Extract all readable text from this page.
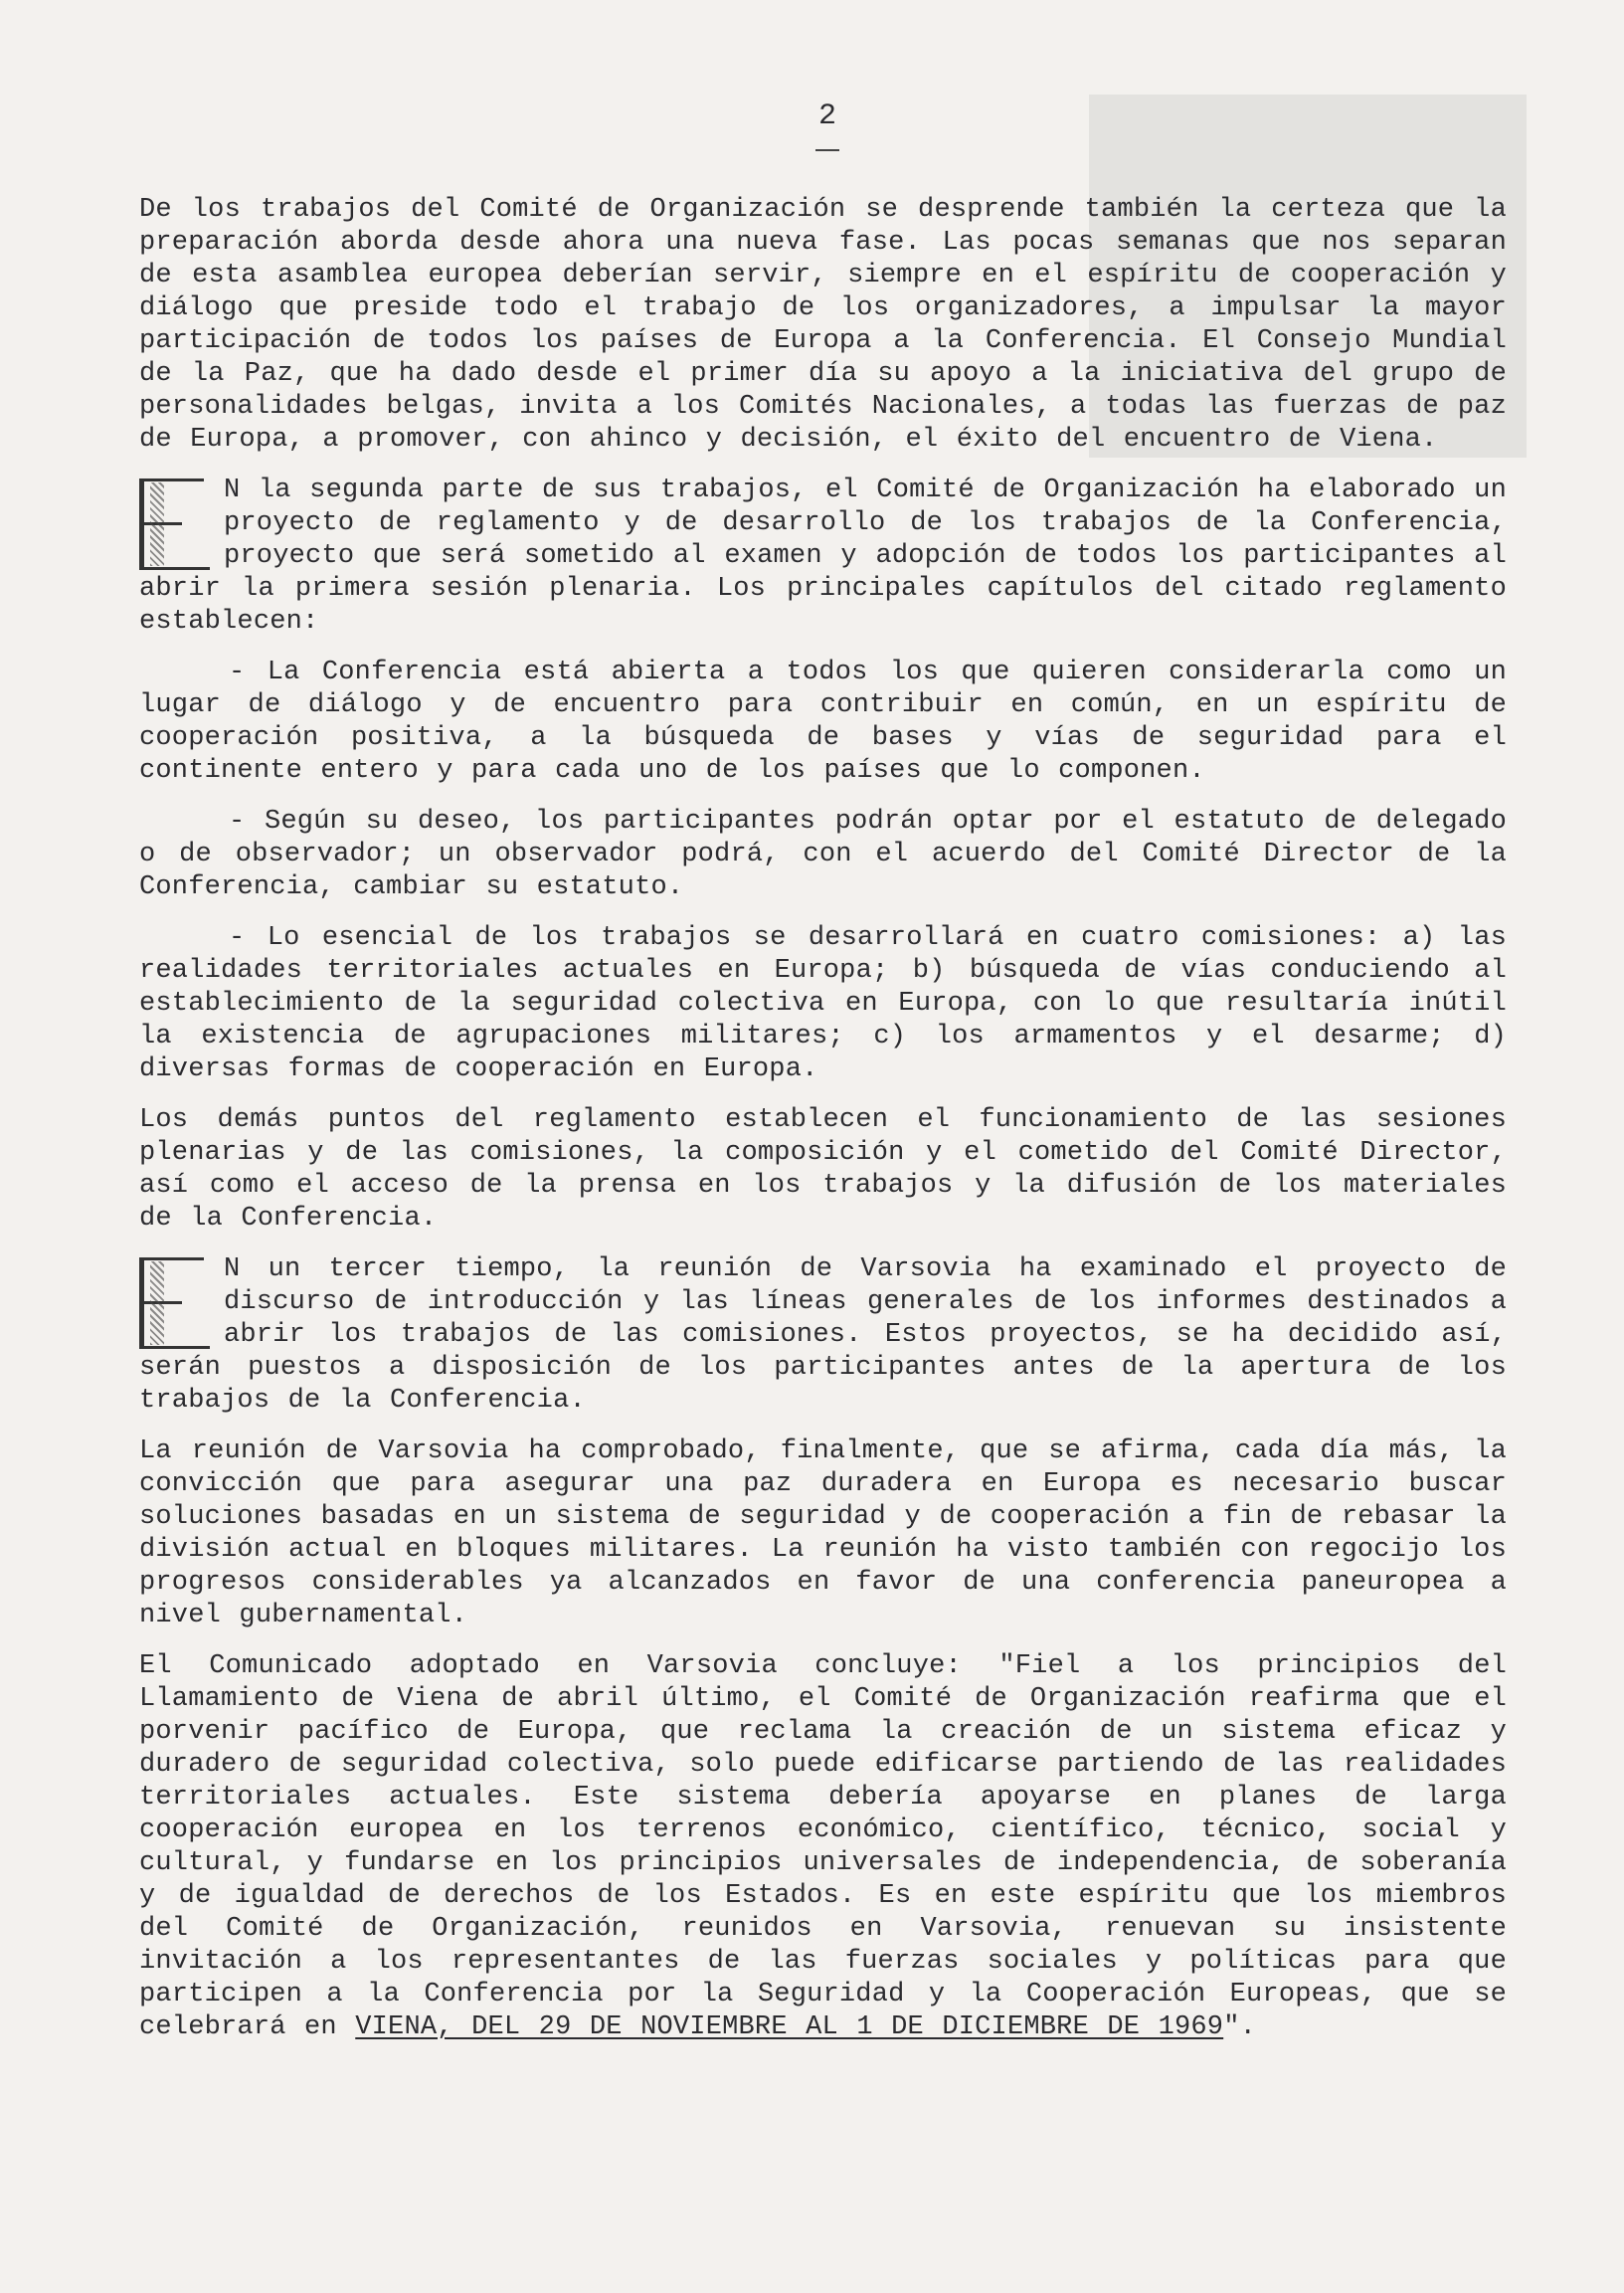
2

De los trabajos del Comité de Organización se desprende también la certeza que la preparación aborda desde ahora una nueva fase. Las pocas semanas que nos separan de esta asamblea europea deberían servir, siempre en el espíritu de cooperación y diálogo que preside todo el trabajo de los organizadores, a impulsar la mayor participación de todos los países de Europa a la Conferencia. El Consejo Mundial de la Paz, que ha dado desde el primer día su apoyo a la iniciativa del grupo de personalidades belgas, invita a los Comités Nacionales, a todas las fuerzas de paz de Europa, a promover, con ahinco y decisión, el éxito del encuentro de Viena.

N la segunda parte de sus trabajos, el Comité de Organización ha elaborado un proyecto de reglamento y de desarrollo de los trabajos de la Conferencia, proyecto que será sometido al examen y adopción de todos los participantes al abrir la primera sesión plenaria. Los principales capítulos del citado reglamento establecen:

- La Conferencia está abierta a todos los que quieren considerarla como un lugar de diálogo y de encuentro para contribuir en común, en un espíritu de cooperación positiva, a la búsqueda de bases y vías de seguridad para el continente entero y para cada uno de los países que lo componen.

- Según su deseo, los participantes podrán optar por el estatuto de delegado o de observador; un observador podrá, con el acuerdo del Comité Director de la Conferencia, cambiar su estatuto.

- Lo esencial de los trabajos se desarrollará en cuatro comisiones: a) las realidades territoriales actuales en Europa; b) búsqueda de vías conduciendo al establecimiento de la seguridad colectiva en Europa, con lo que resultaría inútil la existencia de agrupaciones militares; c) los armamentos y el desarme; d) diversas formas de cooperación en Europa.

Los demás puntos del reglamento establecen el funcionamiento de las sesiones plenarias y de las comisiones, la composición y el cometido del Comité Director, así como el acceso de la prensa en los trabajos y la difusión de los materiales de la Conferencia.

N un tercer tiempo, la reunión de Varsovia ha examinado el proyecto de discurso de introducción y las líneas generales de los informes destinados a abrir los trabajos de las comisiones. Estos proyectos, se ha decidido así, serán puestos a disposición de los participantes antes de la apertura de los trabajos de la Conferencia.

La reunión de Varsovia ha comprobado, finalmente, que se afirma, cada día más, la convicción que para asegurar una paz duradera en Europa es necesario buscar soluciones basadas en un sistema de seguridad y de cooperación a fin de rebasar la división actual en bloques militares. La reunión ha visto también con regocijo los progresos considerables ya alcanzados en favor de una conferencia paneuropea a nivel gubernamental.

El Comunicado adoptado en Varsovia concluye: "Fiel a los principios del Llamamiento de Viena de abril último, el Comité de Organización reafirma que el porvenir pacífico de Europa, que reclama la creación de un sistema eficaz y duradero de seguridad colectiva, solo puede edificarse partiendo de las realidades territoriales actuales. Este sistema debería apoyarse en planes de larga cooperación europea en los terrenos económico, científico, técnico, social y cultural, y fundarse en los principios universales de independencia, de soberanía y de igualdad de derechos de los Estados. Es en este espíritu que los miembros del Comité de Organización, reunidos en Varsovia, renuevan su insistente invitación a los representantes de las fuerzas sociales y políticas para que participen a la Conferencia por la Seguridad y la Cooperación Europeas, que se celebrará en VIENA, DEL 29 DE NOVIEMBRE AL 1 DE DICIEMBRE DE 1969".
